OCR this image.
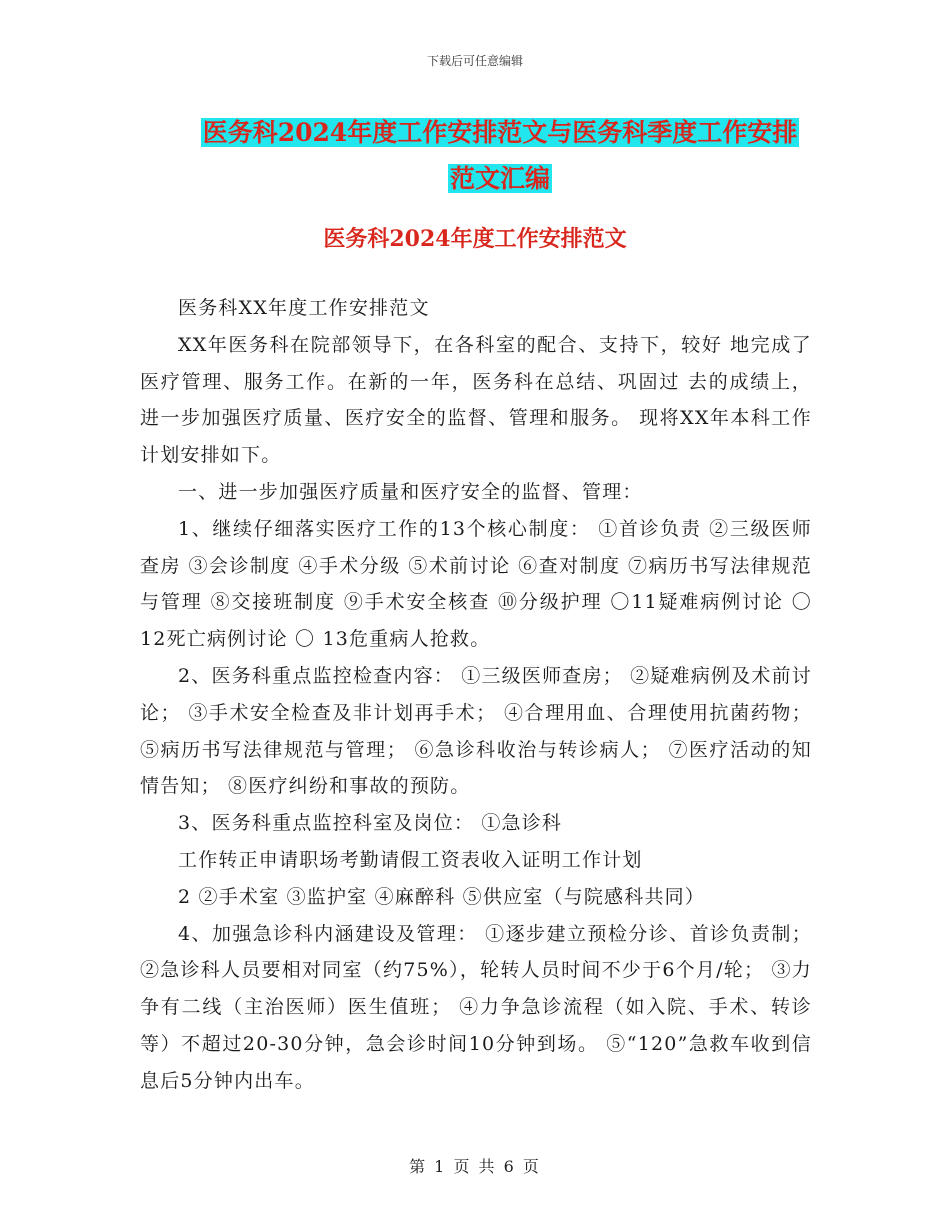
下载后可任意编辑
医务科2024年度工作安排范文与医务科季度工作安排
范文汇编
医务科2024年度工作安排范文

医务科XX年度工作安排范文

XX年医务科在院部领导下，在各科室的配合、支持下，较好 地完成了医疗管理、服务工作。在新的一年，医务科在总结、巩固过 去的成绩上，进一步加强医疗质量、医疗安全的监督、管理和服务。 现将XX年本科工作计划安排如下。

一、进一步加强医疗质量和医疗安全的监督、管理：

1、继续仔细落实医疗工作的13个核心制度： ①首诊负责 ②三级医师查房 ③会诊制度 ④手术分级 ⑤术前讨论 ⑥查对制度 ⑦病历书写法律规范与管理 ⑧交接班制度 ⑨手术安全核查 ⑩分级护理 〇11疑难病例讨论 〇 12死亡病例讨论 〇 13危重病人抢救。

2、医务科重点监控检查内容： ①三级医师查房； ②疑难病例及术前讨论； ③手术安全检查及非计划再手术； ④合理用血、合理使用抗菌药物； ⑤病历书写法律规范与管理； ⑥急诊科收治与转诊病人； ⑦医疗活动的知情告知； ⑧医疗纠纷和事故的预防。

3、医务科重点监控科室及岗位： ①急诊科

工作转正申请职场考勤请假工资表收入证明工作计划

2 ②手术室 ③监护室 ④麻醉科 ⑤供应室（与院感科共同）

4、加强急诊科内涵建设及管理： ①逐步建立预检分诊、首诊负责制； ②急诊科人员要相对同室（约75%），轮转人员时间不少于6个月/轮； ③力争有二线（主治医师）医生值班； ④力争急诊流程（如入院、手术、转诊等）不超过20-30分钟，急会诊时间10分钟到场。 ⑤“120”急救车收到信息后5分钟内出车。

第 1 页 共 6 页
